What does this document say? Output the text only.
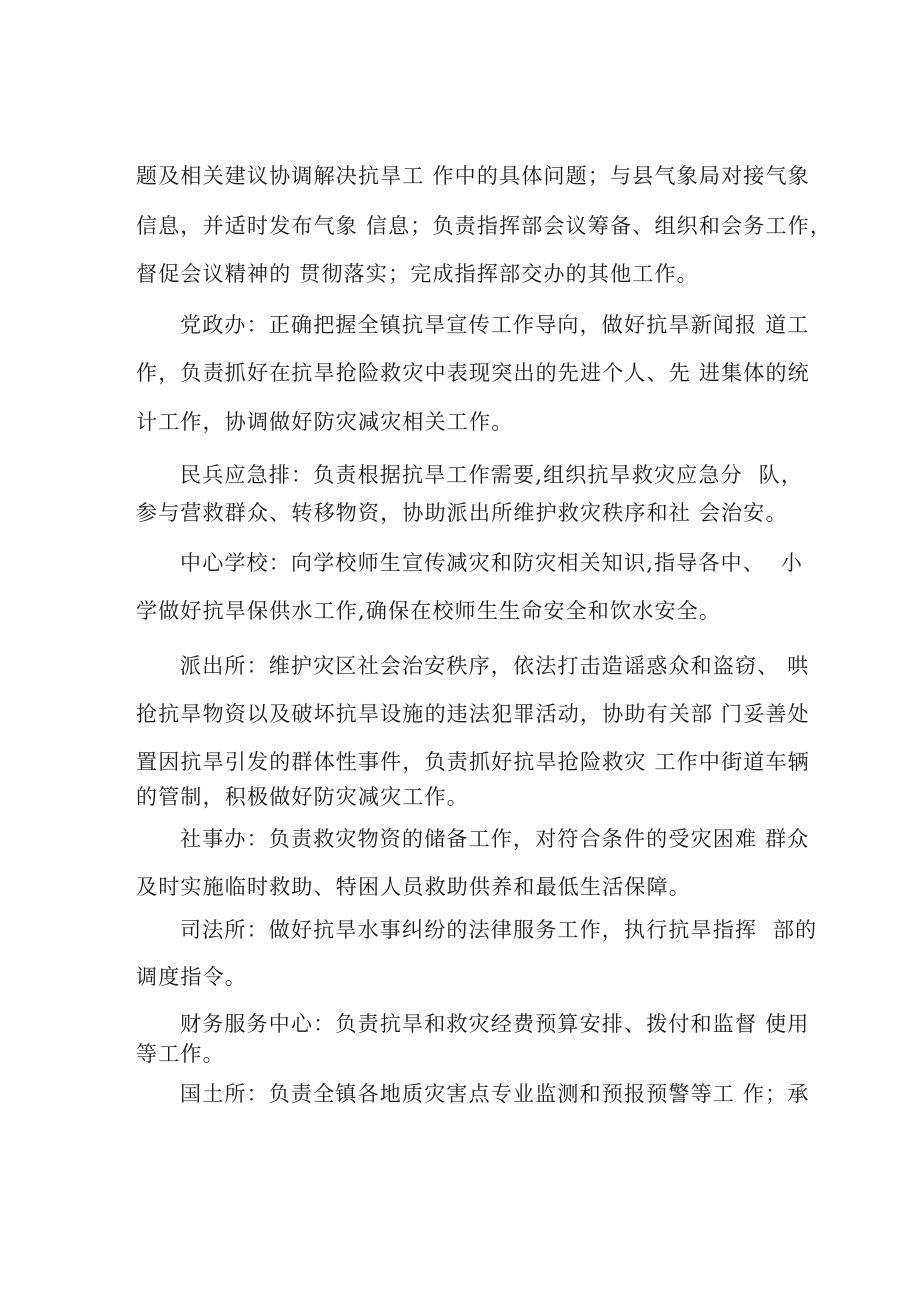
题及相关建议协调解决抗旱工 作中的具体问题；与县气象局对接气象
信息，并适时发布气象 信息；负责指挥部会议筹备、组织和会务工作，
督促会议精神的 贯彻落实；完成指挥部交办的其他工作。
党政办：正确把握全镇抗旱宣传工作导向，做好抗旱新闻报 道工
作，负责抓好在抗旱抢险救灾中表现突出的先进个人、先 进集体的统
计工作，协调做好防灾减灾相关工作。
民兵应急排：负责根据抗旱工作需要,组织抗旱救灾应急分  队，
参与营救群众、转移物资，协助派出所维护救灾秩序和社 会治安。
中心学校：向学校师生宣传减灾和防灾相关知识,指导各中、  小
学做好抗旱保供水工作,确保在校师生生命安全和饮水安全。
派出所：维护灾区社会治安秩序，依法打击造谣惑众和盗窃、 哄
抢抗旱物资以及破坏抗旱设施的违法犯罪活动，协助有关部 门妥善处
置因抗旱引发的群体性事件，负责抓好抗旱抢险救灾 工作中街道车辆
的管制，积极做好防灾减灾工作。
社事办：负责救灾物资的储备工作，对符合条件的受灾困难 群众
及时实施临时救助、特困人员救助供养和最低生活保障。
司法所：做好抗旱水事纠纷的法律服务工作，执行抗旱指挥  部的
调度指令。
财务服务中心：负责抗旱和救灾经费预算安排、拨付和监督 使用
等工作。
国土所：负责全镇各地质灾害点专业监测和预报预警等工 作；承
